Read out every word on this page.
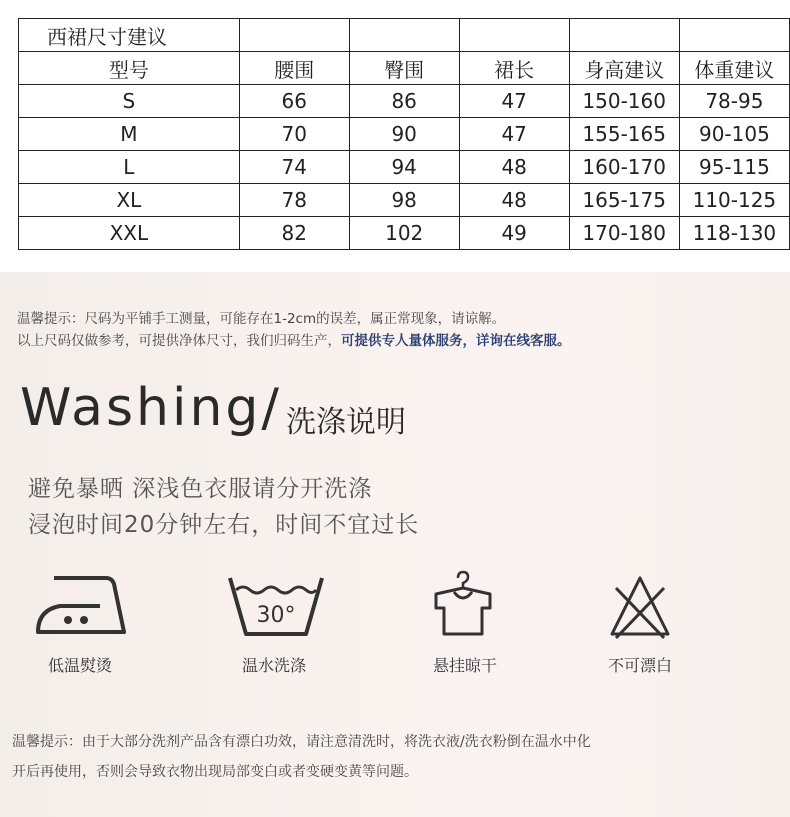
西裙尺寸建议					
型号	腰围	臀围	裙长	身高建议	体重建议
S	66	86	47	150-160	78-95
M	70	90	47	155-165	90-105
L	74	94	48	160-170	95-115
XL	78	98	48	165-175	110-125
XXL	82	102	49	170-180	118-130
温馨提示：尺码为平铺手工测量，可能存在1-2cm的误差，属正常现象，请谅解。
以上尺码仅做参考，可提供净体尺寸，我们归码生产，可提供专人量体服务，详询在线客服。
Washing/ 洗涤说明
避免暴晒 深浅色衣服请分开洗涤
浸泡时间20分钟左右，时间不宜过长
低温熨烫
30°
温水洗涤	悬挂晾干	不可漂白
温馨提示：由于大部分洗剂产品含有漂白功效，请注意清洗时，将洗衣液/洗衣粉倒在温水中化
开后再使用，否则会导致衣物出现局部变白或者变硬变黄等问题。
